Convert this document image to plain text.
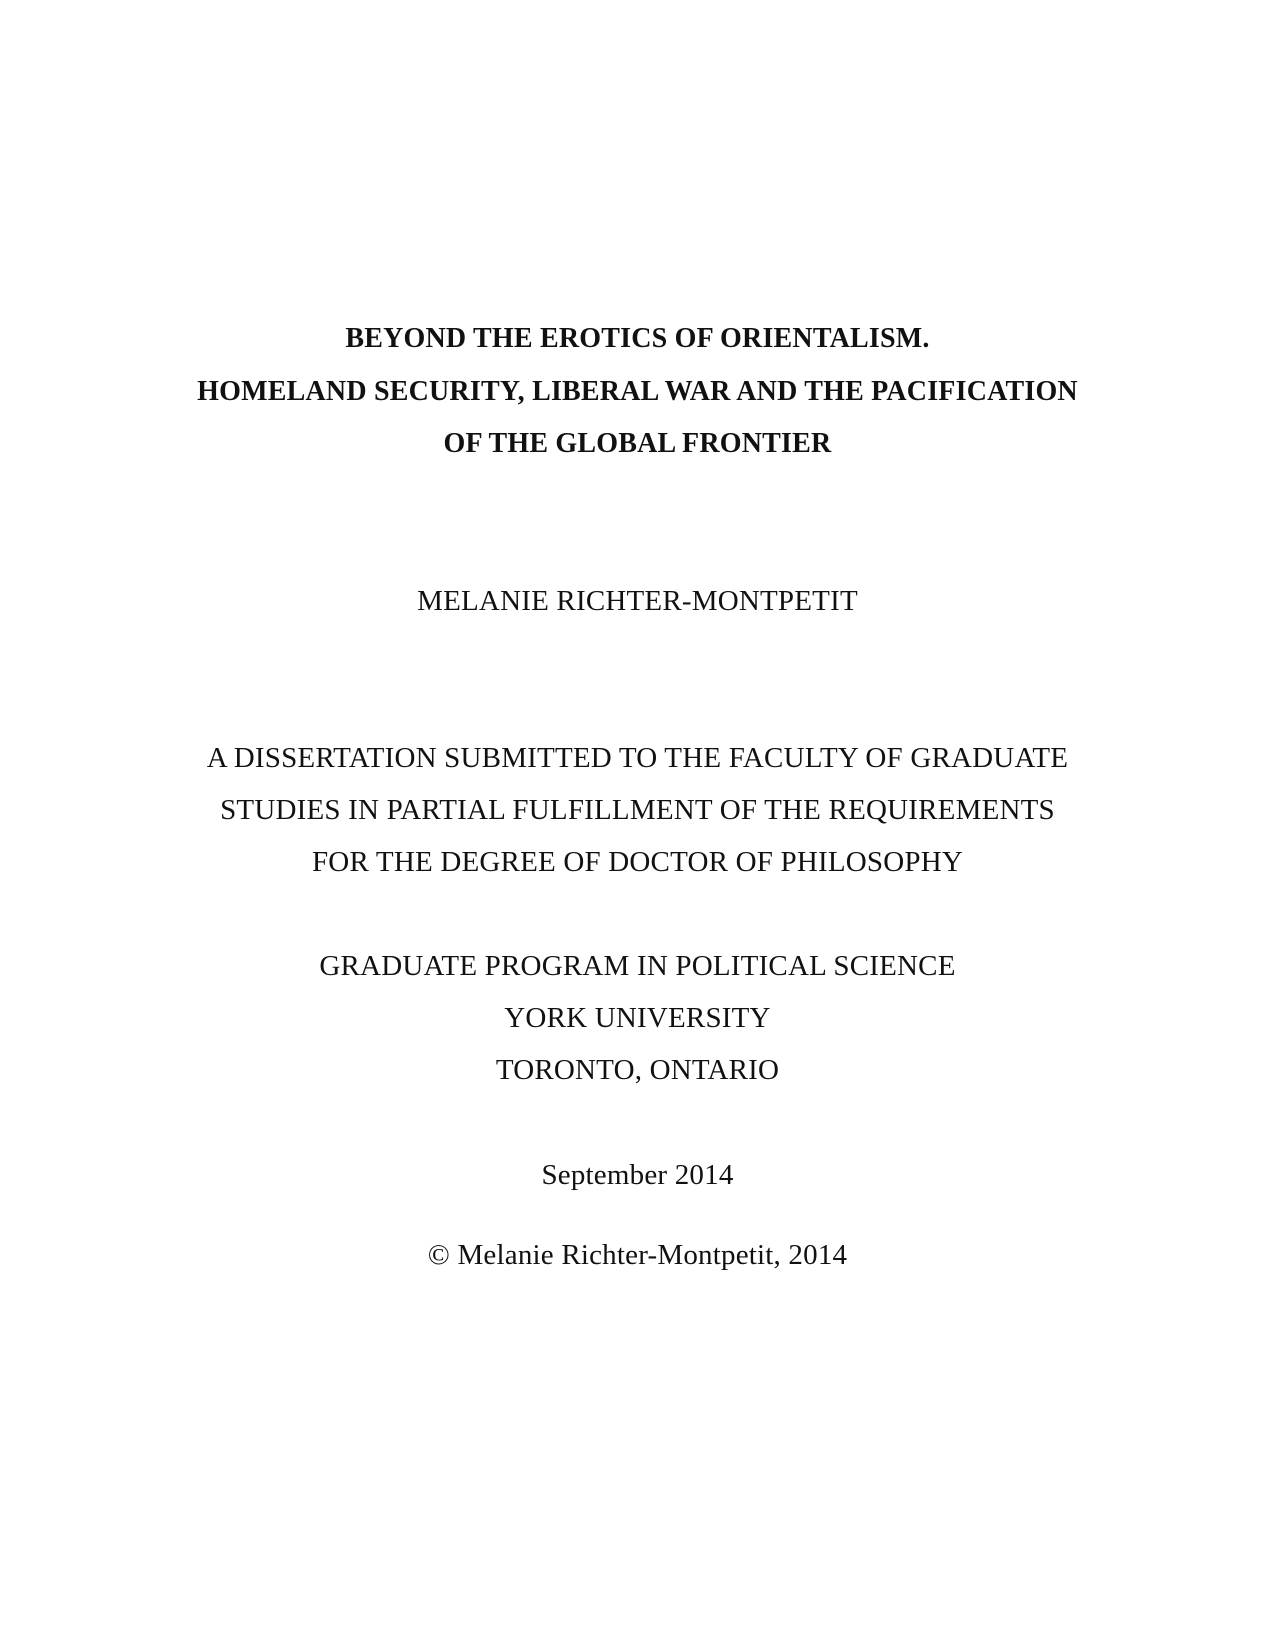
BEYOND THE EROTICS OF ORIENTALISM.
HOMELAND SECURITY, LIBERAL WAR AND THE PACIFICATION
OF THE GLOBAL FRONTIER
MELANIE RICHTER-MONTPETIT
A DISSERTATION SUBMITTED TO THE FACULTY OF GRADUATE
STUDIES IN PARTIAL FULFILLMENT OF THE REQUIREMENTS
FOR THE DEGREE OF DOCTOR OF PHILOSOPHY
GRADUATE PROGRAM IN POLITICAL SCIENCE
YORK UNIVERSITY
TORONTO, ONTARIO
September 2014
© Melanie Richter-Montpetit, 2014
